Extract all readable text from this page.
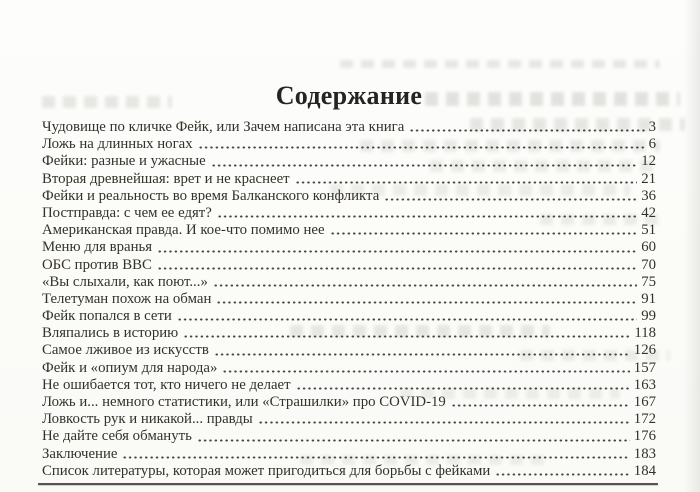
Содержание
Чудовище по кличке Фейк, или Зачем написана эта книга	3
Ложь на длинных ногах	6
Фейки: разные и ужасные	12
Вторая древнейшая: врет и не краснеет	21
Фейки и реальность во время Балканского конфликта	36
Постправда: с чем ее едят?	42
Американская правда. И кое-что помимо нее	51
Меню для вранья	60
ОБС против ВВС	70
«Вы слыхали, как поют...»	75
Телетуман похож на обман	91
Фейк попался в сети	99
Вляпались в историю	118
Самое лживое из искусств	126
Фейк и «опиум для народа»	157
Не ошибается тот, кто ничего не делает	163
Ложь и... немного статистики, или «Страшилки» про COVID-19	167
Ловкость рук и никакой... правды	172
Не дайте себя обмануть	176
Заключение	183
Список литературы, которая может пригодиться для борьбы с фейками	184
